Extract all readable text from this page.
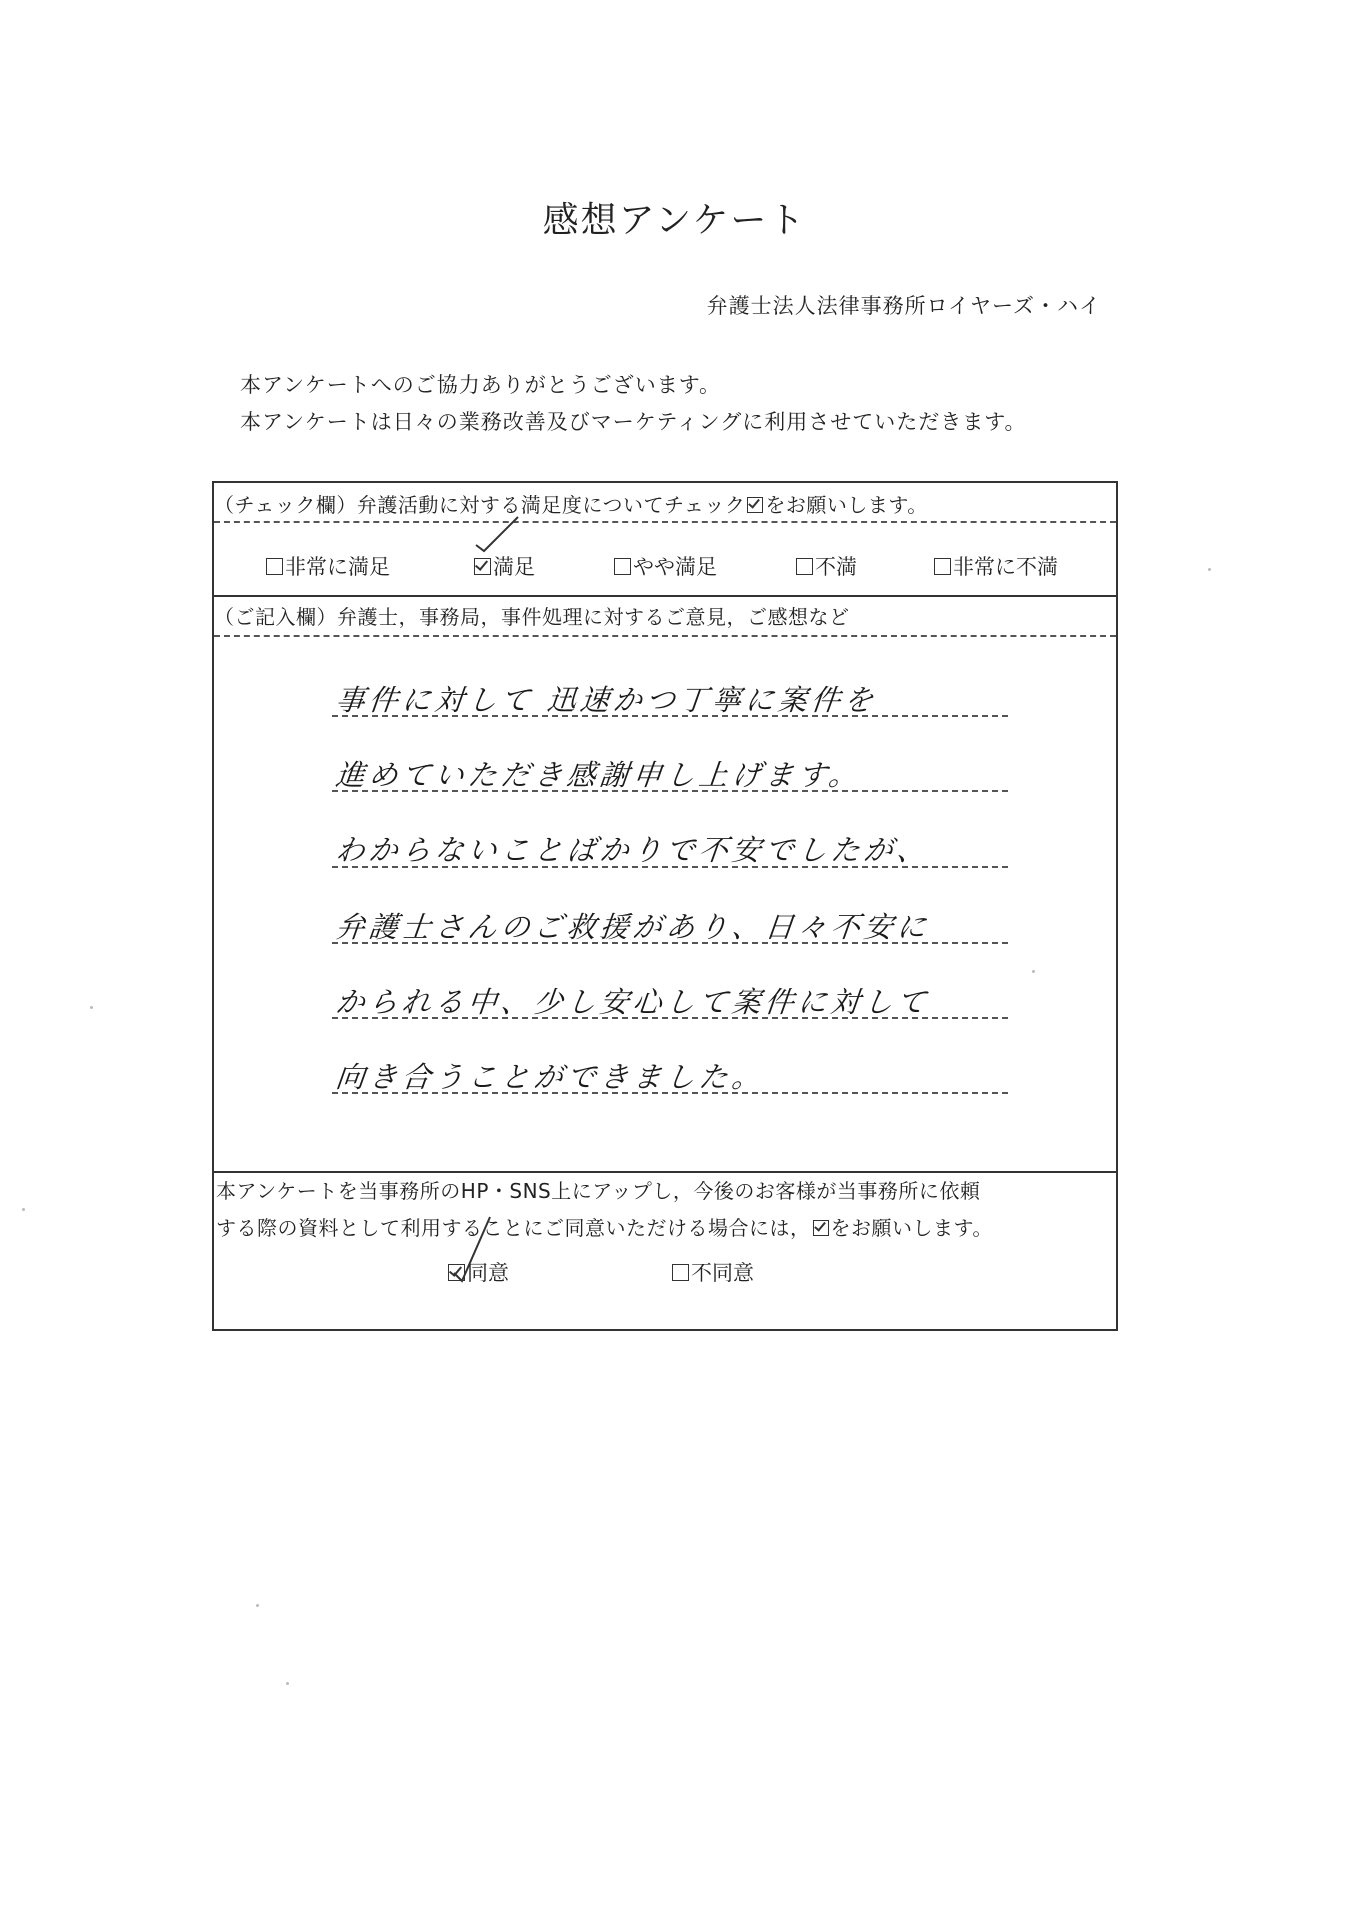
感想アンケート
弁護士法人法律事務所ロイヤーズ・ハイ
本アンケートへのご協力ありがとうございます。
本アンケートは日々の業務改善及びマーケティングに利用させていただきます。
（チェック欄）弁護活動に対する満足度についてチェック をお願いします。
非常に満足	満足	やや満足	不満	非常に不満
（ご記入欄）弁護士，事務局，事件処理に対するご意見，ご感想など
事件に対して 迅速かつ丁寧に案件を
進めていただき感謝申し上げます。
わからないことばかりで不安でしたが、
弁護士さんのご救援があり、日々不安に
かられる中、少し安心して案件に対して
向き合うことができました。
本アンケートを当事務所のHP・SNS上にアップし，今後のお客様が当事務所に依頼
する際の資料として利用することにご同意いただける場合には， をお願いします。
同意	不同意
